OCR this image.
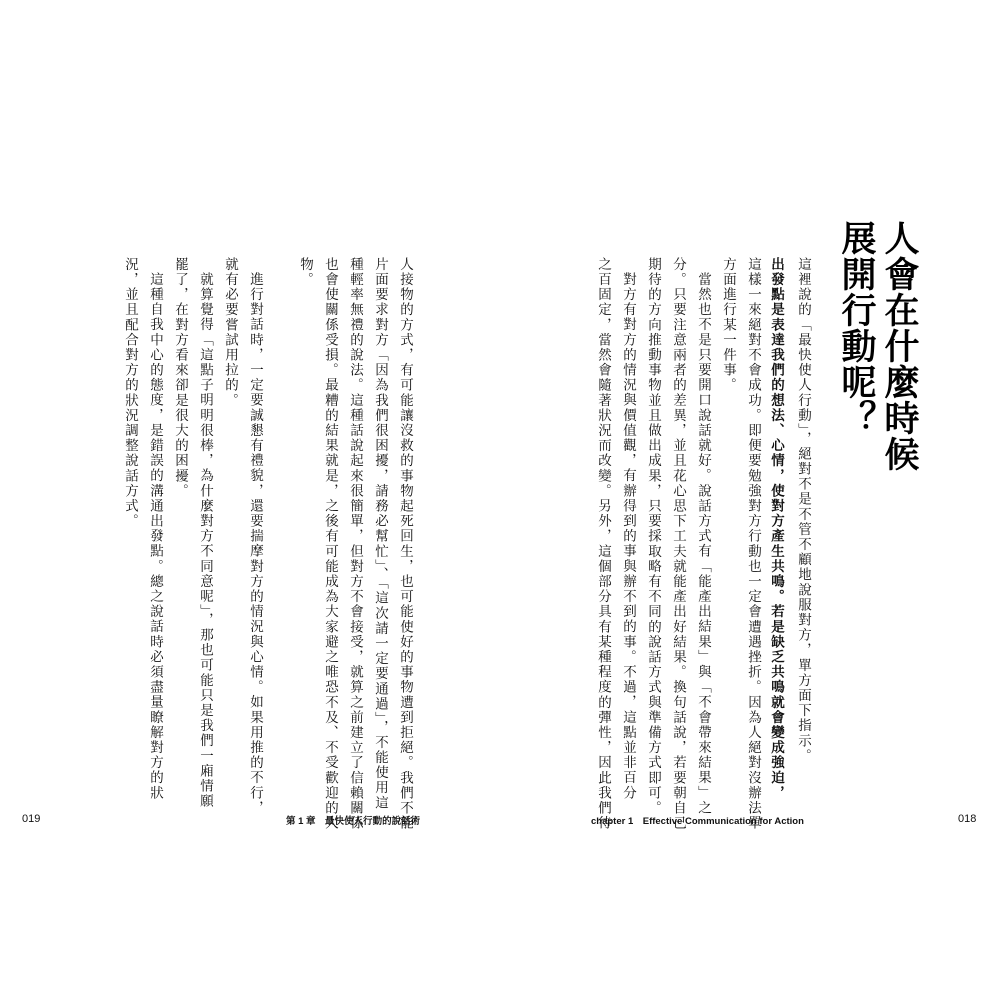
人會在什麼時候
展開行動呢？
這裡說的「最快使人行動」，絕對不是不管不顧地說服對方，單方面下指示。
出發點是表達我們的想法、心情，使對方產生共鳴。若是缺乏共鳴就會變成強迫，
這樣一來絕對不會成功。即便要勉強對方行動也一定會遭遇挫折。因為人絕對沒辦法單
方面進行某一件事。
當然也不是只要開口說話就好。說話方式有「能產出結果」與「不會帶來結果」之
分。只要注意兩者的差異，並且花心思下工夫就能產出好結果。換句話說，若要朝自己
期待的方向推動事物並且做出成果，只要採取略有不同的說話方式與準備方式即可。
對方有對方的情況與價值觀，有辦得到的事與辦不到的事。不過，這點並非百分
之百固定，當然會隨著狀況而改變。另外，這個部分具有某種程度的彈性，因此我們待
人接物的方式，有可能讓沒救的事物起死回生，也可能使好的事物遭到拒絕。我們不能
片面要求對方「因為我們很困擾，請務必幫忙」、「這次請一定要通過」，不能使用這
種輕率無禮的說法。這種話說起來很簡單，但對方不會接受，就算之前建立了信賴關係
也會使關係受損。最糟的結果就是，之後有可能成為大家避之唯恐不及、不受歡迎的人
物。
進行對話時，一定要誠懇有禮貌，還要揣摩對方的情況與心情。如果用推的不行，
就有必要嘗試用拉的。
就算覺得「這點子明明很棒，為什麼對方不同意呢」，那也可能只是我們一廂情願
罷了，在對方看來卻是很大的困擾。
這種自我中心的態度，是錯誤的溝通出發點。總之說話時必須盡量瞭解對方的狀
況，並且配合對方的狀況調整說話方式。
019	第 1 章　最快使人行動的說話術	chapter 1　Effective Communication for Action	018
